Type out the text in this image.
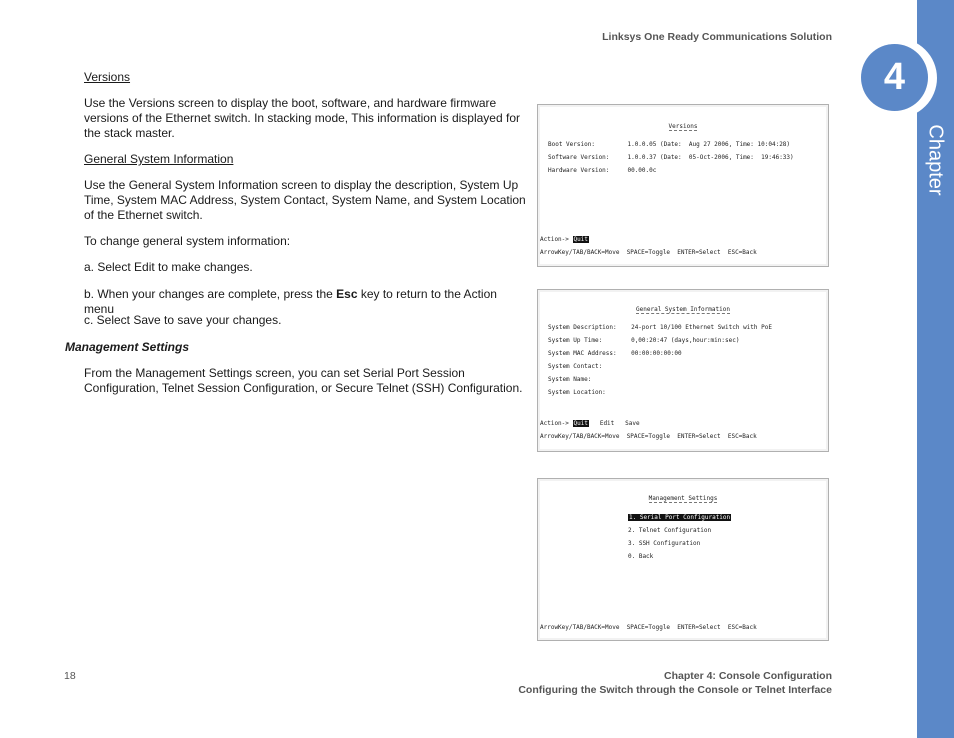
Linksys One Ready Communications Solution
4
Chapter
Versions
Use the Versions screen to display the boot, software, and hardware firmware versions of the Ethernet switch. In stacking mode, This information is displayed for the stack master.
General System Information
Use the General System Information screen to display the description, System Up Time, System MAC Address, System Contact, System Name, and System Location of the Ethernet switch.
To change general system information:
a. Select Edit to make changes.
b. When your changes are complete, press the Esc key to return to the Action menu
c. Select Save to save your changes.
Management Settings
From the Management Settings screen, you can set Serial Port Session Configuration, Telnet Session Configuration, or Secure Telnet (SSH) Configuration.
Versions
Boot Version:         1.0.0.05 (Date:  Aug 27 2006, Time: 10:04:28)
Software Version:     1.0.0.37 (Date:  05-Oct-2006, Time:  19:46:33)
Hardware Version:     00.00.0c
Action-> Quit
ArrowKey/TAB/BACK=Move  SPACE=Toggle  ENTER=Select  ESC=Back
General System Information
System Description:    24-port 10/100 Ethernet Switch with PoE
System Up Time:        0,00:20:47 (days,hour:min:sec)
System MAC Address:    00:00:00:00:00
System Contact:
System Name:
System Location:
Action-> Quit Edit Save
ArrowKey/TAB/BACK=Move  SPACE=Toggle  ENTER=Select  ESC=Back
Management Settings
1. Serial Port Configuration
2. Telnet Configuration
3. SSH Configuration
0. Back
ArrowKey/TAB/BACK=Move  SPACE=Toggle  ENTER=Select  ESC=Back
18	Chapter 4: Console Configuration
Configuring the Switch through the Console or Telnet Interface
